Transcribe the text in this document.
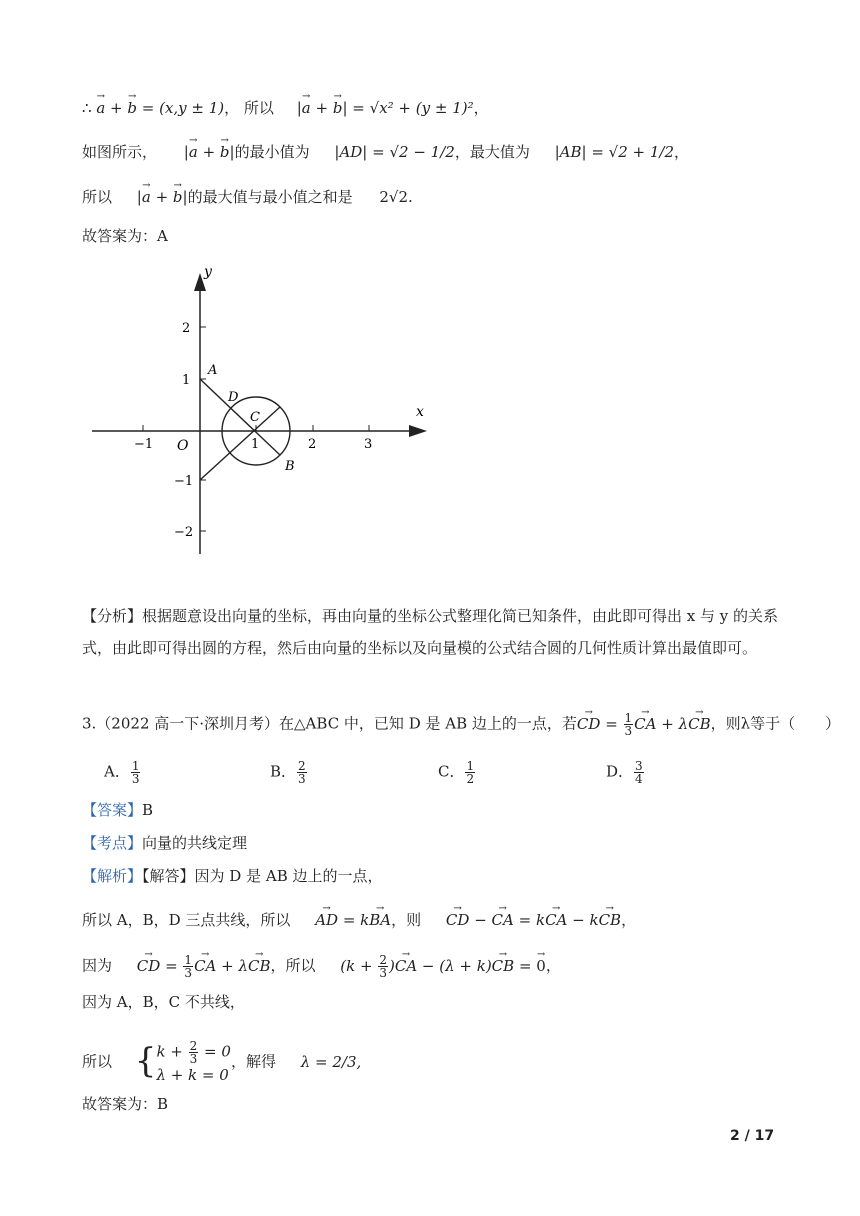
∴ → a + → b = (x,y ± 1)， 所以 |→ a + → b| = √x² + (y ± 1)²，
如图所示， |→ a + → b|的最小值为 |AD| = √2 − 1/2，最大值为 |AB| = √2 + 1/2，
所以 |→ a + → b|的最大值与最小值之和是 2√2.
故答案为：A
y
x
−1	1	2	3
2
1
−1
−2
O
A
B
C
D
【分析】根据题意设出向量的坐标，再由向量的坐标公式整理化简已知条件，由此即可得出 x 与 y 的关系式，由此即可得出圆的方程，然后由向量的坐标以及向量模的公式结合圆的几何性质计算出最值即可。
3.（2022 高一下·深圳月考）在△ABC 中，已知 D 是 AB 边上的一点，若→ CD = $\frac{1}{3}$ → CA + λ→ CB，则λ等于（　　）
A． $\frac{1}{3}$	B． $\frac{2}{3}$	C． $\frac{1}{2}$	D． $\frac{3}{4}$
【答案】B
【考点】向量的共线定理
【解析】【解答】因为 D 是 AB 边上的一点，
所以 A，B，D 三点共线，所以 → AD = k→ BA，则 → CD − → CA = k→ CA − k→ CB，
因为 → CD = $\frac{1}{3}$ → CA + λ→ CB，所以 ($k + \frac{2}{3}$ )→ CA − (λ + k)→ CB = → 0，
因为 A，B，C 不共线，
所以 { $k + \frac{2}{3} = 0$
λ + k = 0
，解得 λ = 2/3,
故答案为：B
2 / 17
